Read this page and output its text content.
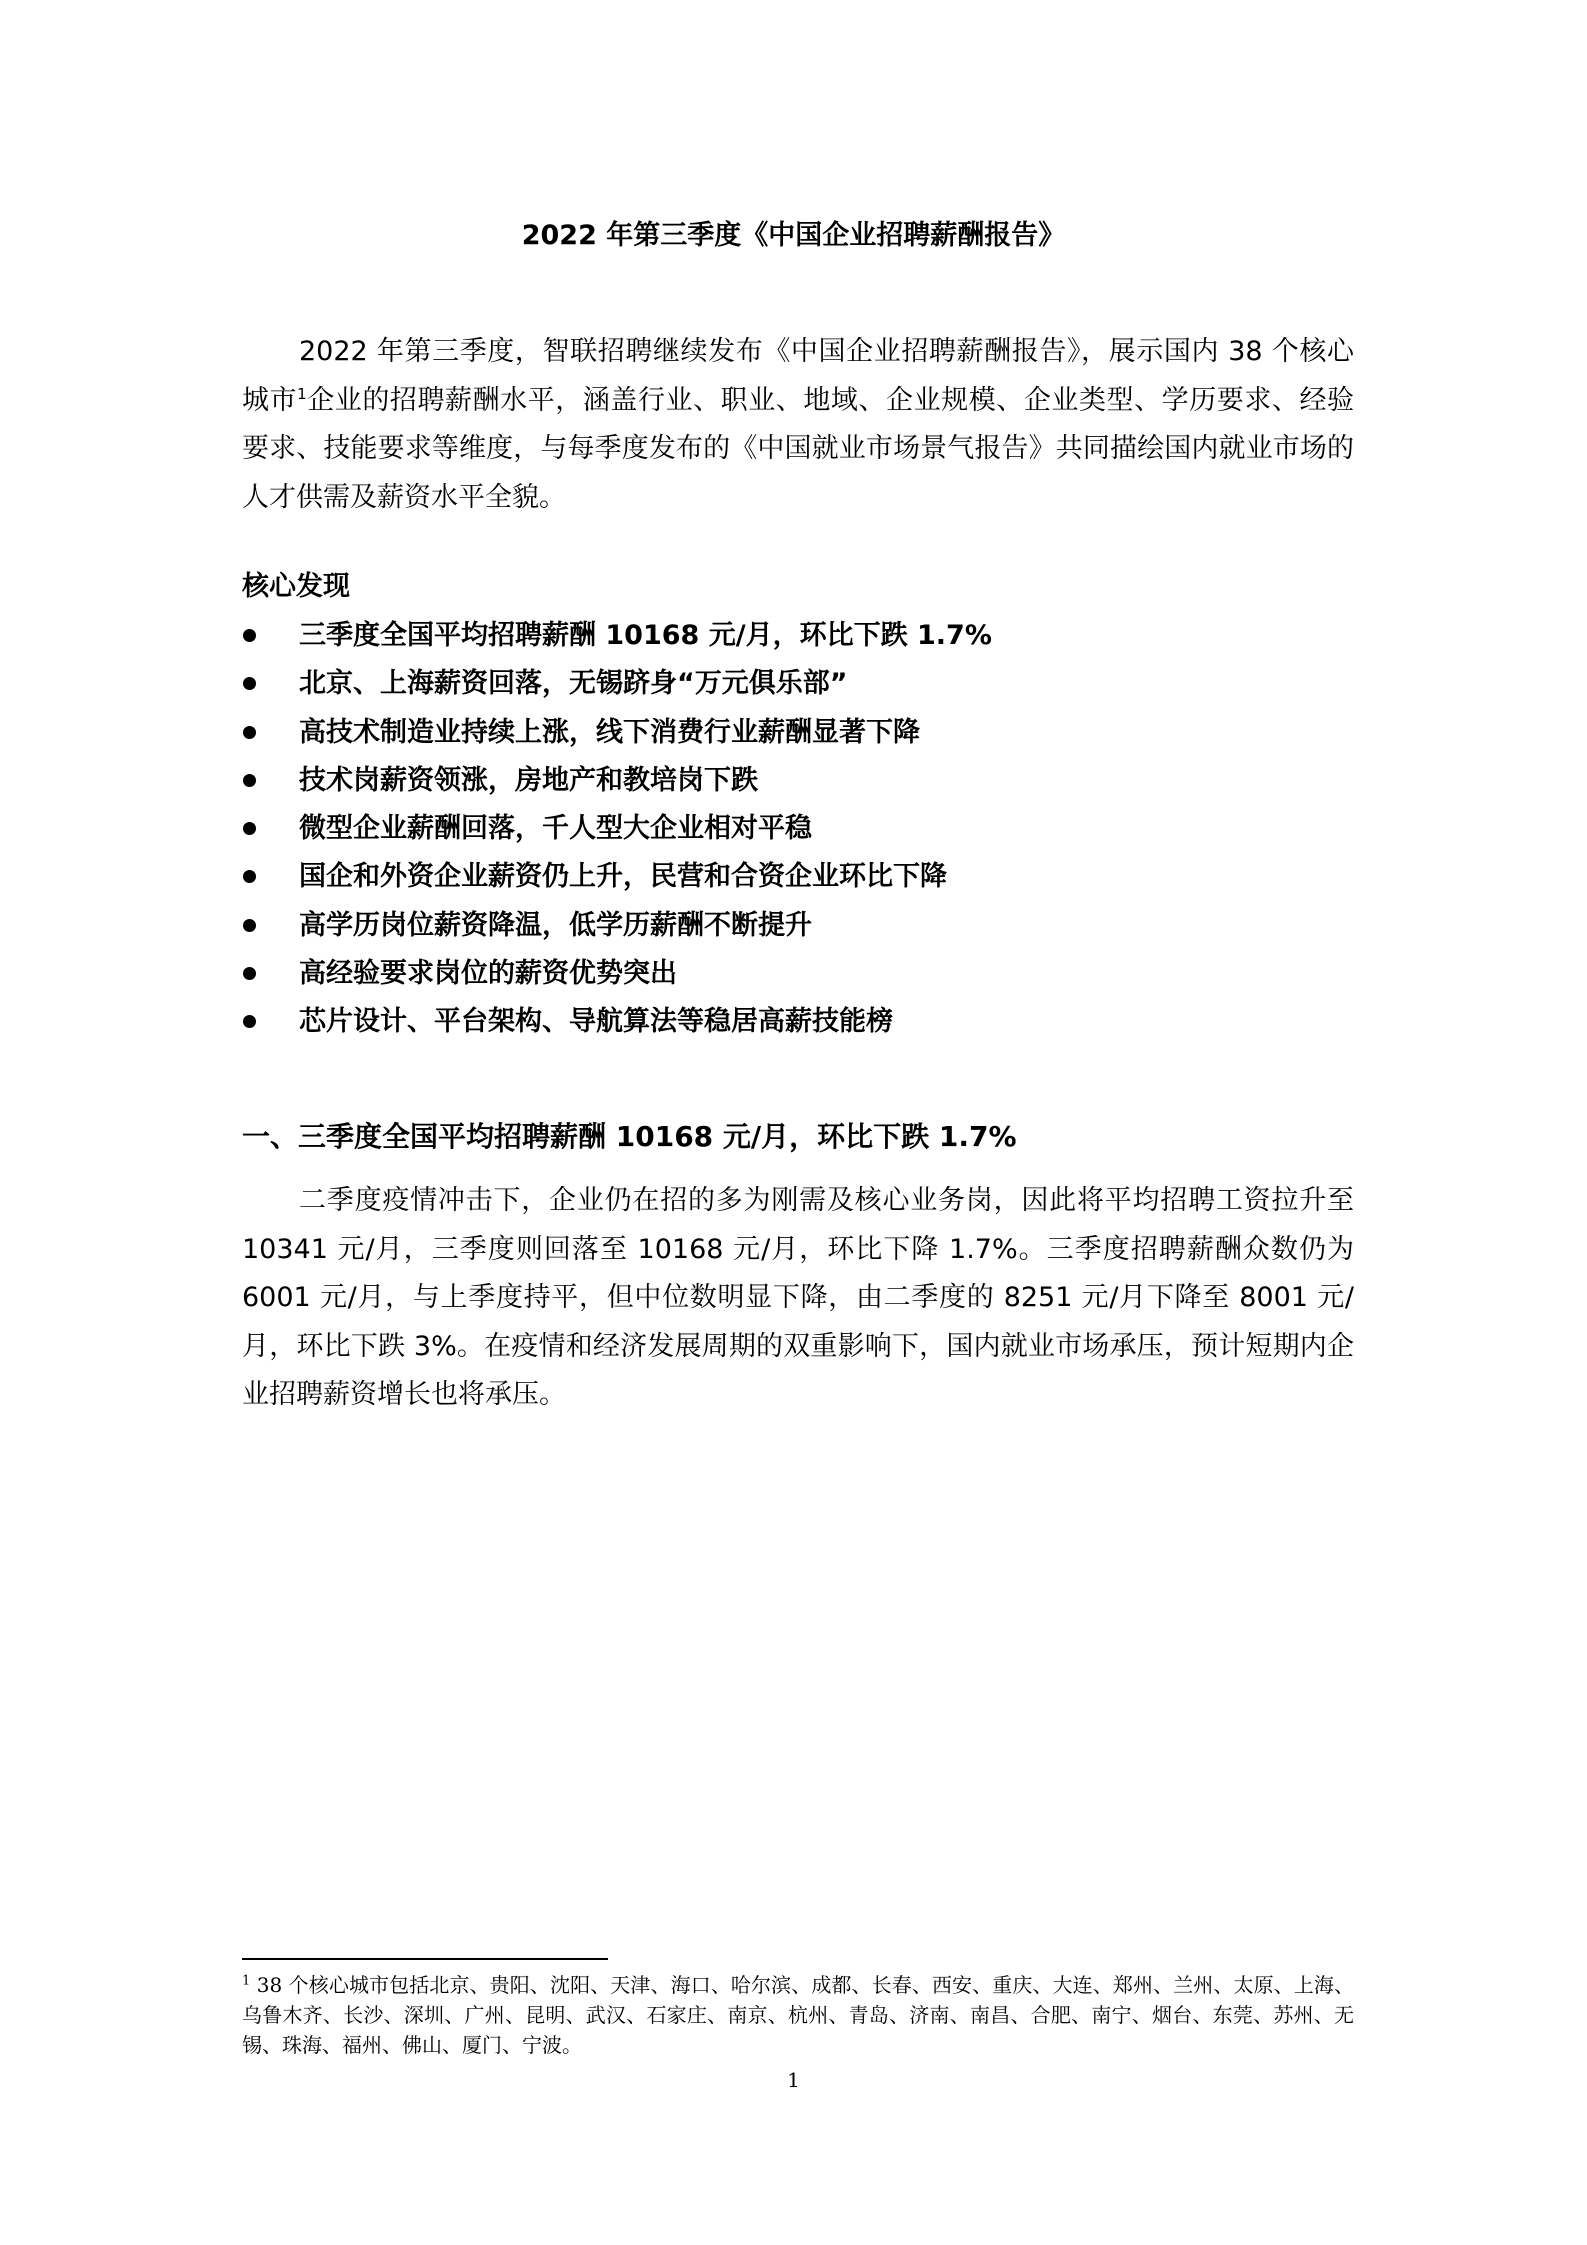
2022 年第三季度《中国企业招聘薪酬报告》

2022 年第三季度，智联招聘继续发布《中国企业招聘薪酬报告》，展示国内 38 个核心城市$^1$企业的招聘薪酬水平，涵盖行业、职业、地域、企业规模、企业类型、学历要求、经验要求、技能要求等维度，与每季度发布的《中国就业市场景气报告》共同描绘国内就业市场的人才供需及薪资水平全貌。

核心发现
三季度全国平均招聘薪酬 10168 元/月，环比下跌 1.7%
北京、上海薪资回落，无锡跻身“万元俱乐部”
高技术制造业持续上涨，线下消费行业薪酬显著下降
技术岗薪资领涨，房地产和教培岗下跌
微型企业薪酬回落，千人型大企业相对平稳
国企和外资企业薪资仍上升，民营和合资企业环比下降
高学历岗位薪资降温，低学历薪酬不断提升
高经验要求岗位的薪资优势突出
芯片设计、平台架构、导航算法等稳居高薪技能榜
一、三季度全国平均招聘薪酬 10168 元/月，环比下跌 1.7%

二季度疫情冲击下，企业仍在招的多为刚需及核心业务岗，因此将平均招聘工资拉升至 10341 元/月，三季度则回落至 10168 元/月，环比下降 1.7%。三季度招聘薪酬众数仍为 6001 元/月，与上季度持平，但中位数明显下降，由二季度的 8251 元/月下降至 8001 元/月，环比下跌 3%。在疫情和经济发展周期的双重影响下，国内就业市场承压，预计短期内企业招聘薪资增长也将承压。

$^1$ 38 个核心城市包括北京、贵阳、沈阳、天津、海口、哈尔滨、成都、长春、西安、重庆、大连、郑州、兰州、太原、上海、乌鲁木齐、长沙、深圳、广州、昆明、武汉、石家庄、南京、杭州、青岛、济南、南昌、合肥、南宁、烟台、东莞、苏州、无锡、珠海、福州、佛山、厦门、宁波。

1
